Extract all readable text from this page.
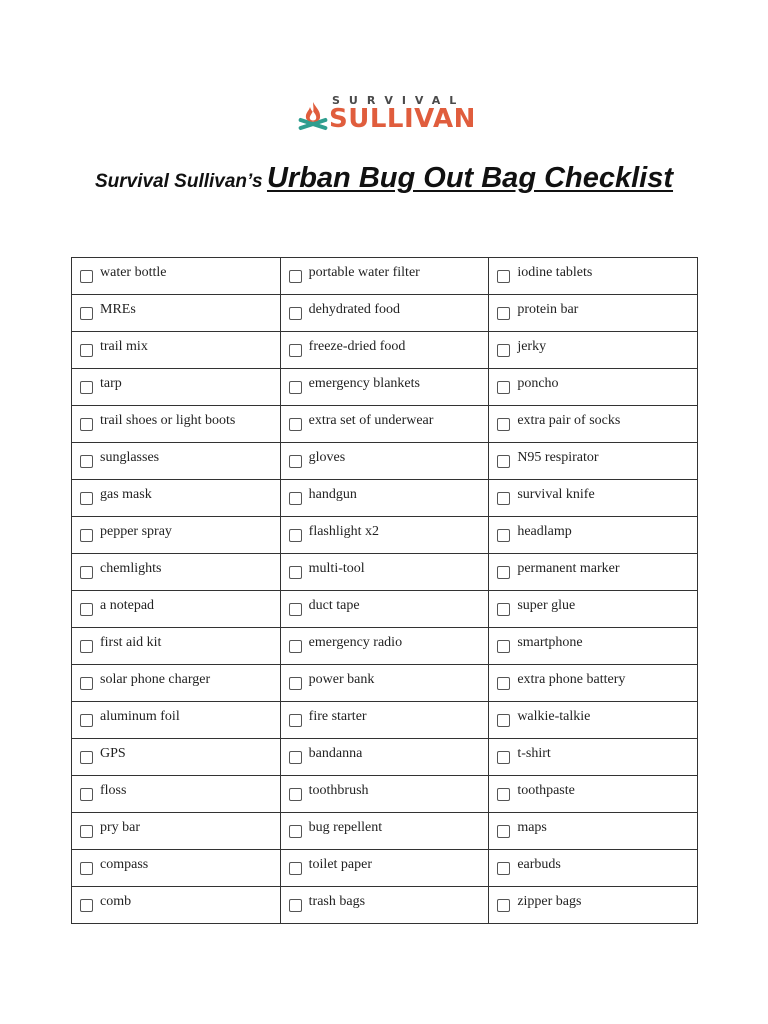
SURVIVAL
SULLIVAN
Survival Sullivan’s Urban Bug Out Bag Checklist
water bottle	portable water filter	iodine tablets

MREs	dehydrated food	protein bar

trail mix	freeze-dried food	jerky

tarp	emergency blankets	poncho

trail shoes or light boots	extra set of underwear	extra pair of socks

sunglasses	gloves	N95 respirator

gas mask	handgun	survival knife

pepper spray	flashlight x2	headlamp

chemlights	multi-tool	permanent marker

a notepad	duct tape	super glue

first aid kit	emergency radio	smartphone

solar phone charger	power bank	extra phone battery

aluminum foil	fire starter	walkie-talkie

GPS	bandanna	t-shirt

floss	toothbrush	toothpaste

pry bar	bug repellent	maps

compass	toilet paper	earbuds

comb	trash bags	zipper bags
